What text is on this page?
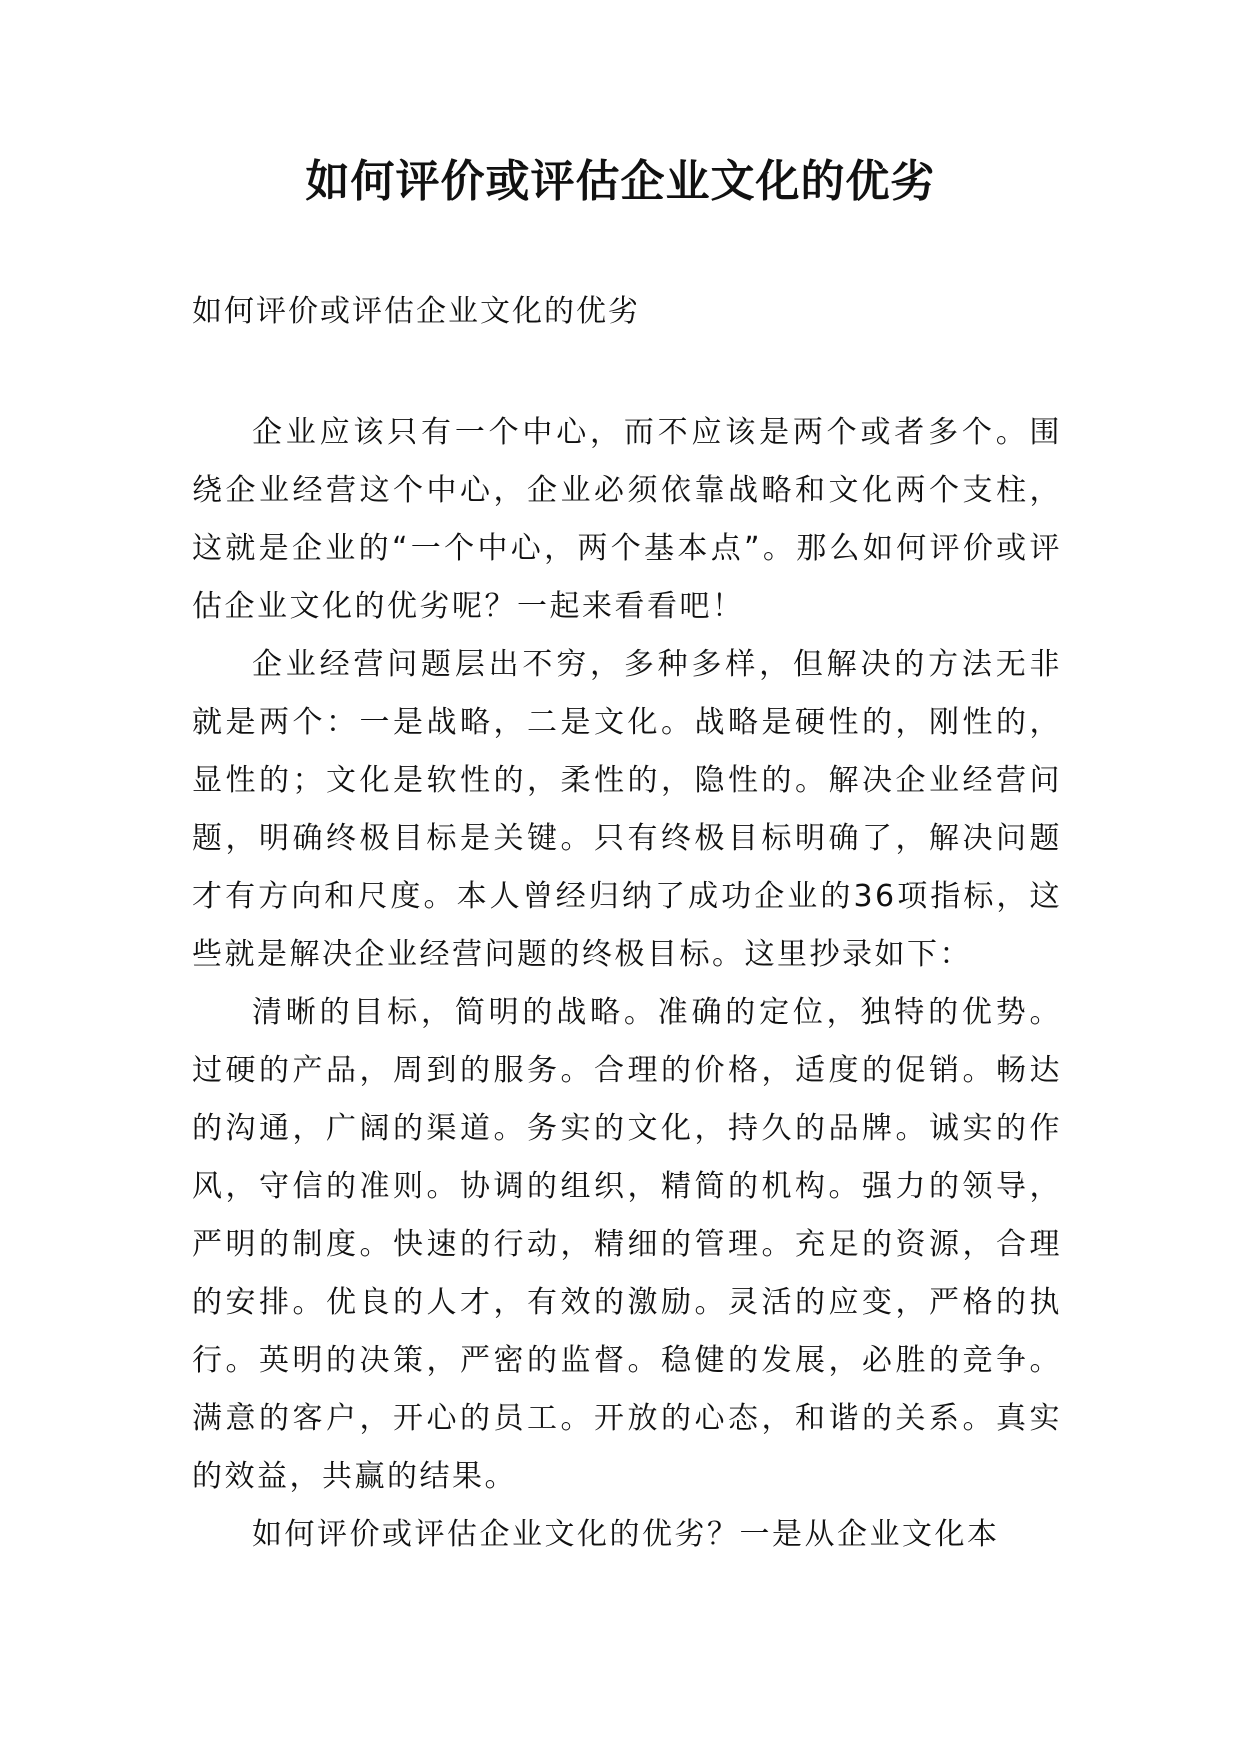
如何评价或评估企业文化的优劣

如何评价或评估企业文化的优劣

企业应该只有一个中心，而不应该是两个或者多个。围绕企业经营这个中心，企业必须依靠战略和文化两个支柱，这就是企业的“一个中心，两个基本点”。那么如何评价或评估企业文化的优劣呢？一起来看看吧！

企业经营问题层出不穷，多种多样，但解决的方法无非就是两个：一是战略，二是文化。战略是硬性的，刚性的，显性的；文化是软性的，柔性的，隐性的。解决企业经营问题，明确终极目标是关键。只有终极目标明确了，解决问题才有方向和尺度。本人曾经归纳了成功企业的36项指标，这些就是解决企业经营问题的终极目标。这里抄录如下：

清晰的目标，简明的战略。准确的定位，独特的优势。过硬的产品，周到的服务。合理的价格，适度的促销。畅达的沟通，广阔的渠道。务实的文化，持久的品牌。诚实的作风，守信的准则。协调的组织，精简的机构。强力的领导，严明的制度。快速的行动，精细的管理。充足的资源，合理的安排。优良的人才，有效的激励。灵活的应变，严格的执行。英明的决策，严密的监督。稳健的发展，必胜的竞争。满意的客户，开心的员工。开放的心态，和谐的关系。真实的效益，共赢的结果。

如何评价或评估企业文化的优劣？一是从企业文化本
